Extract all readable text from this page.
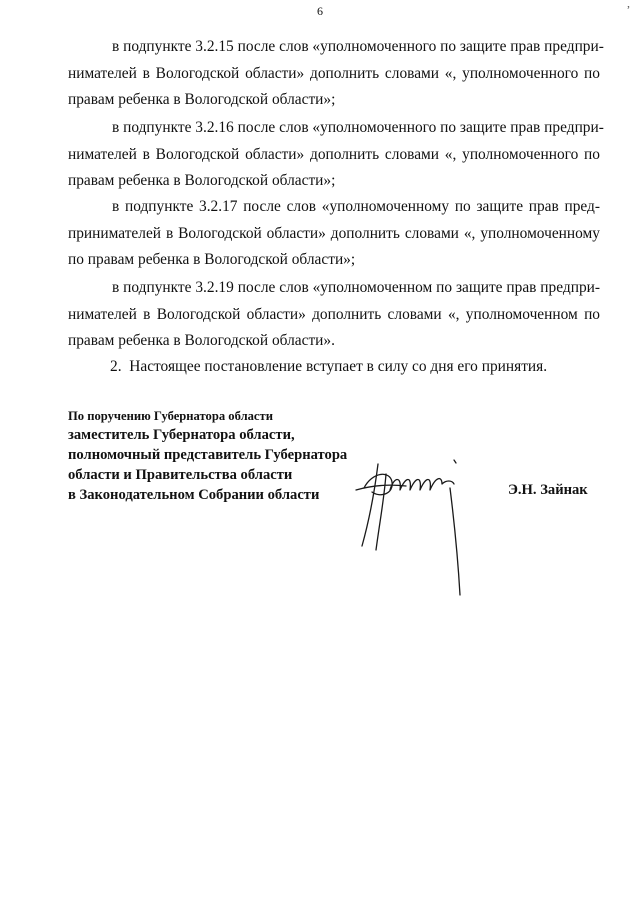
6
,
в подпункте 3.2.15 после слов «уполномоченного по защите прав предпри-
нимателей в Вологодской области» дополнить словами «, уполномоченного по
правам ребенка в Вологодской области»;
в подпункте 3.2.16 после слов «уполномоченного по защите прав предпри-
нимателей в Вологодской области» дополнить словами «, уполномоченного по
правам ребенка в Вологодской области»;
в подпункте 3.2.17 после слов «уполномоченному по защите прав пред-
принимателей в Вологодской области» дополнить словами «, уполномоченному
по правам ребенка в Вологодской области»;
в подпункте 3.2.19 после слов «уполномоченном по защите прав предпри-
нимателей в Вологодской области» дополнить словами «, уполномоченном по
правам ребенка в Вологодской области».
2. Настоящее постановление вступает в силу со дня его принятия.
По поручению Губернатора области
заместитель Губернатора области,
полномочный представитель Губернатора
области и Правительства области
в Законодательном Собрании области	Э.Н. Зайнак
